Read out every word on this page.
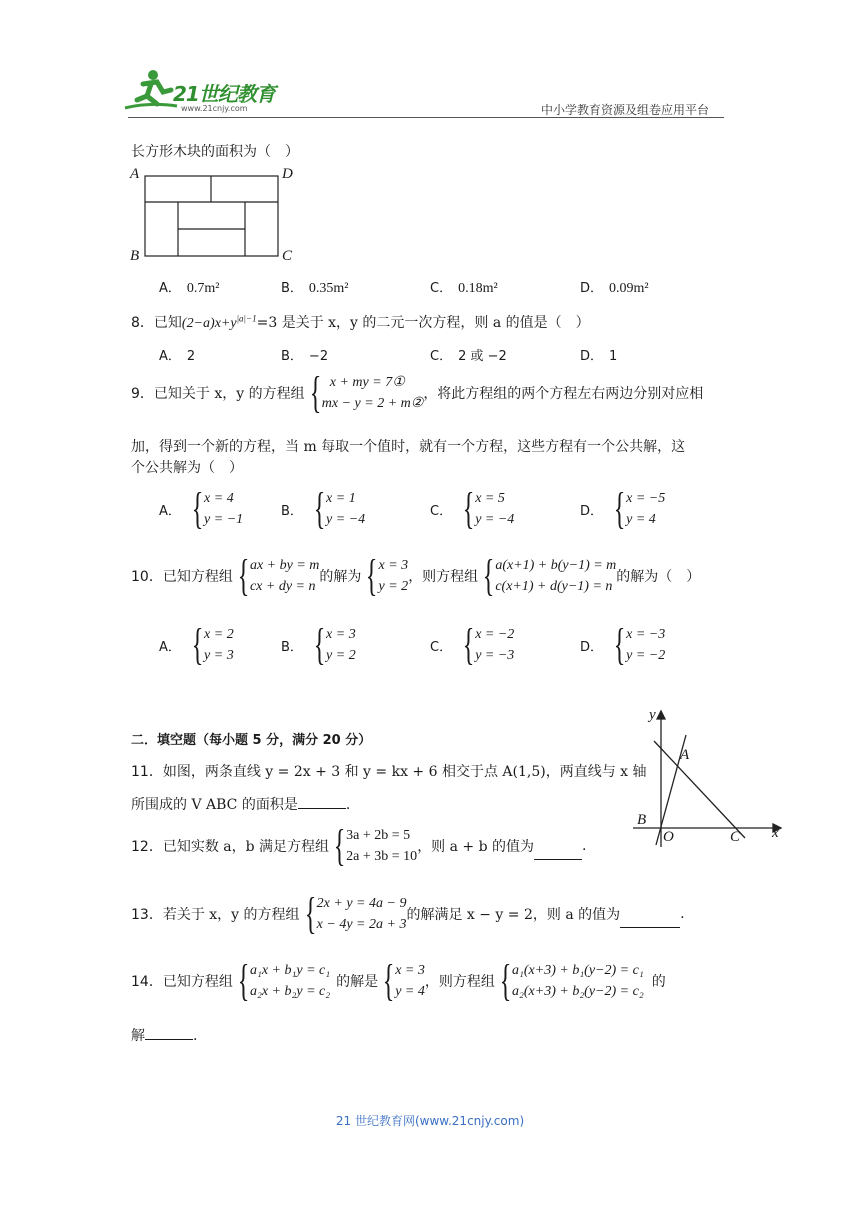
21世纪教育
www.21cnjy.com	中小学教育资源及组卷应用平台
长方形木块的面积为（　）
A	D
B	C
A． 0.7m²	B． 0.35m²	C． 0.18m²	D． 0.09m²
8．已知$(2-a)x+y^{|a|-1}=3$ 是关于 x，y 的二元一次方程，则 a 的值是（　）
A． 2	B． −2	C． 2 或 −2	D． 1
9． 已知关于 x，y 的方程组 { x + my = 7①
mx − y = 2 + m②
，将此方程组的两个方程左右两边分别对应相
加，得到一个新的方程，当 m 每取一个值时，就有一个方程，这些方程有一个公共解，这
个公共解为（　）
A． { x = 4
y = −1
B． { x = 1
y = −4
C． { x = 5
y = −4
D． { x = −5
y = 4
10． 已知方程组 { ax + by = m
cx + dy = n
的解为 { x = 3
y = 2
，则方程组 { a(x+1) + b(y−1) = m
c(x+1) + d(y−1) = n
的解为（　）
A． { x = 2
y = 3
B． { x = 3
y = 2
C． { x = −2
y = −3
D． { x = −3
y = −2
二．填空题（每小题 5 分，满分 20 分）
y
A
B
O	C x
11．如图，两条直线 y = 2x + 3 和 y = kx + 6 相交于点 A(1,5)，两直线与 x 轴
所围成的 V ABC 的面积是	.
12． 已知实数 a，b 满足方程组 { 3a + 2b = 5
2a + 3b = 10
，则 a + b 的值为	.
13． 若关于 x，y 的方程组 { 2x + y = 4a − 9
x − 4y = 2a + 3
的解满足 x − y = 2，则 a 的值为	.
14． 已知方程组 { a₁x + b₁y = c₁
a₂x + b₂y = c₂
的解是 { x = 3
y = 4
，则方程组 { a₁(x+3) + b₁(y−2) = c₁
a₂(x+3) + b₂(y−2) = c₂
的
解	.
21 世纪教育网(www.21cnjy.com)
